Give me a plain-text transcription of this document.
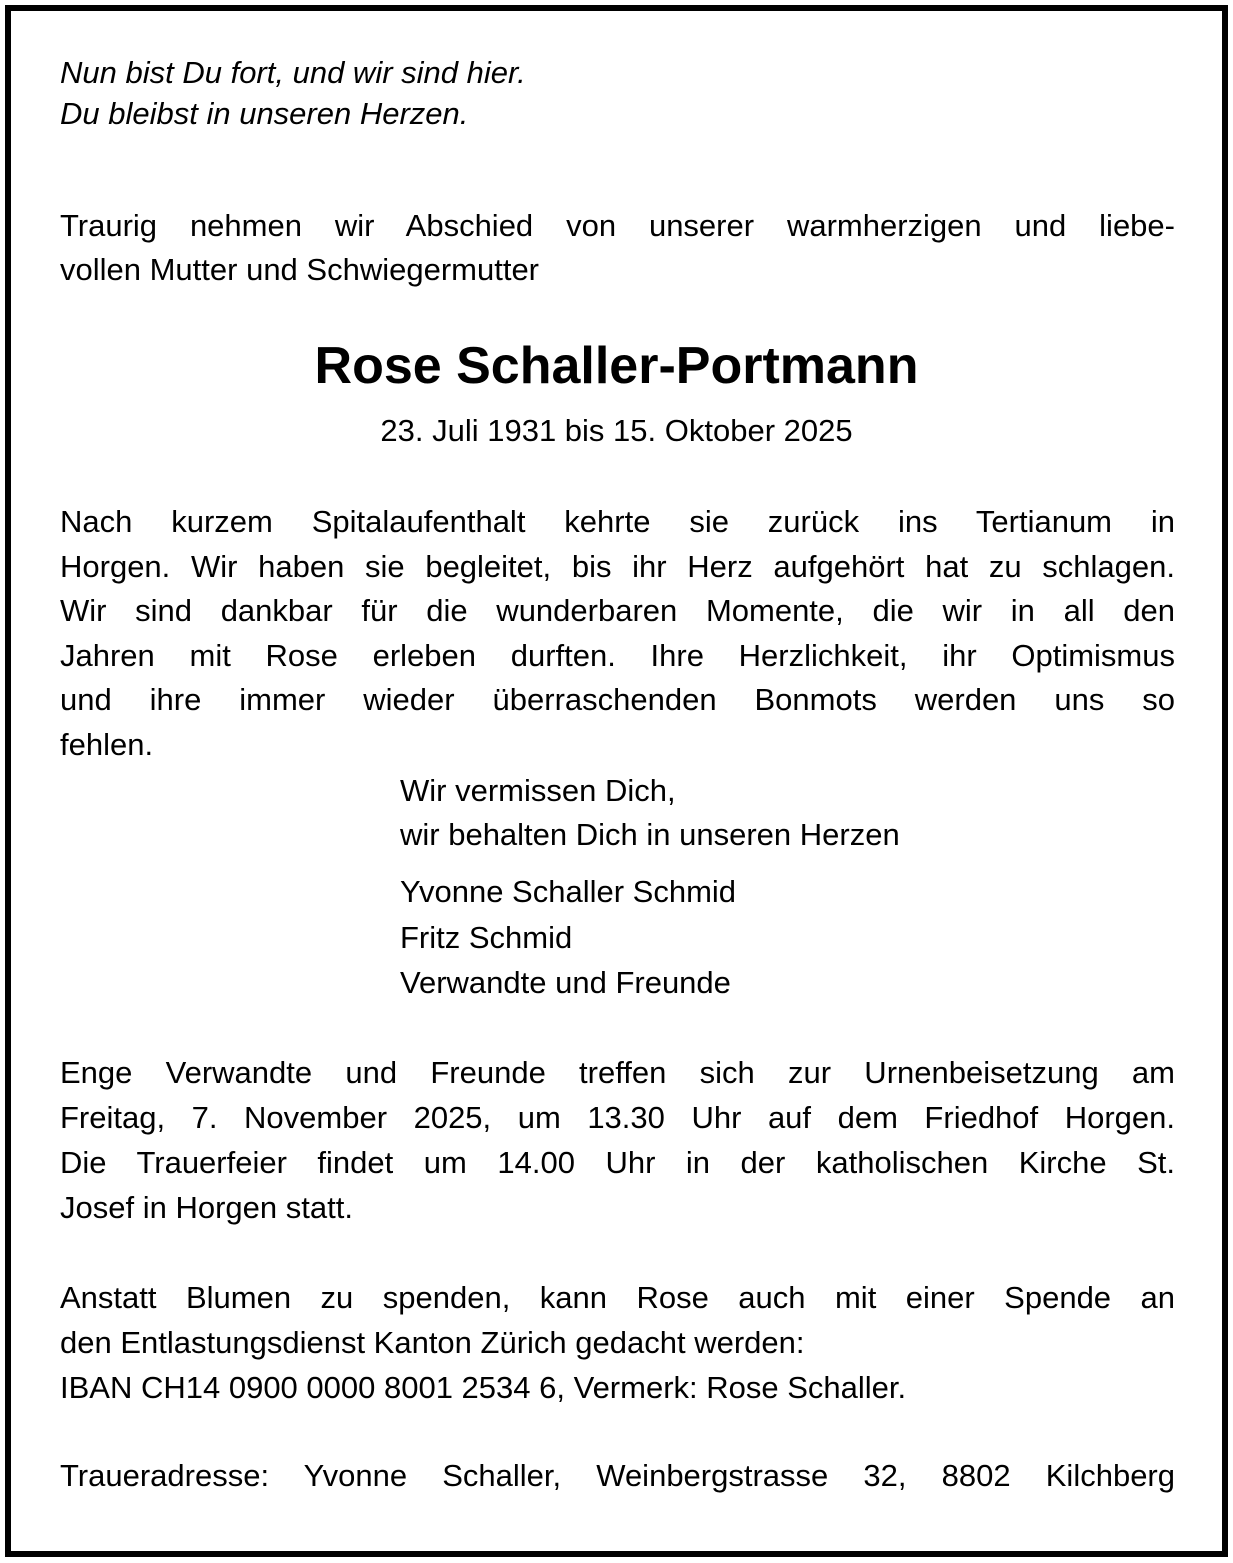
Nun bist Du fort, und wir sind hier.
Du bleibst in unseren Herzen.
Traurig nehmen wir Abschied von unserer warmherzigen und liebe-
vollen Mutter und Schwiegermutter
Rose Schaller-Portmann
23. Juli 1931 bis 15. Oktober 2025
Nach kurzem Spitalaufenthalt kehrte sie zurück ins Tertianum in
Horgen. Wir haben sie begleitet, bis ihr Herz aufgehört hat zu schlagen.
Wir sind dankbar für die wunderbaren Momente, die wir in all den
Jahren mit Rose erleben durften. Ihre Herzlichkeit, ihr Optimismus
und ihre immer wieder überraschenden Bonmots werden uns so
fehlen.
Wir vermissen Dich,
wir behalten Dich in unseren Herzen
Yvonne Schaller Schmid
Fritz Schmid
Verwandte und Freunde
Enge Verwandte und Freunde treffen sich zur Urnenbeisetzung am
Freitag, 7. November 2025, um 13.30 Uhr auf dem Friedhof Horgen.
Die Trauerfeier findet um 14.00 Uhr in der katholischen Kirche St.
Josef in Horgen statt.
Anstatt Blumen zu spenden, kann Rose auch mit einer Spende an
den Entlastungsdienst Kanton Zürich gedacht werden:
IBAN CH14 0900 0000 8001 2534 6, Vermerk: Rose Schaller.
Traueradresse: Yvonne Schaller, Weinbergstrasse 32, 8802 Kilchberg
